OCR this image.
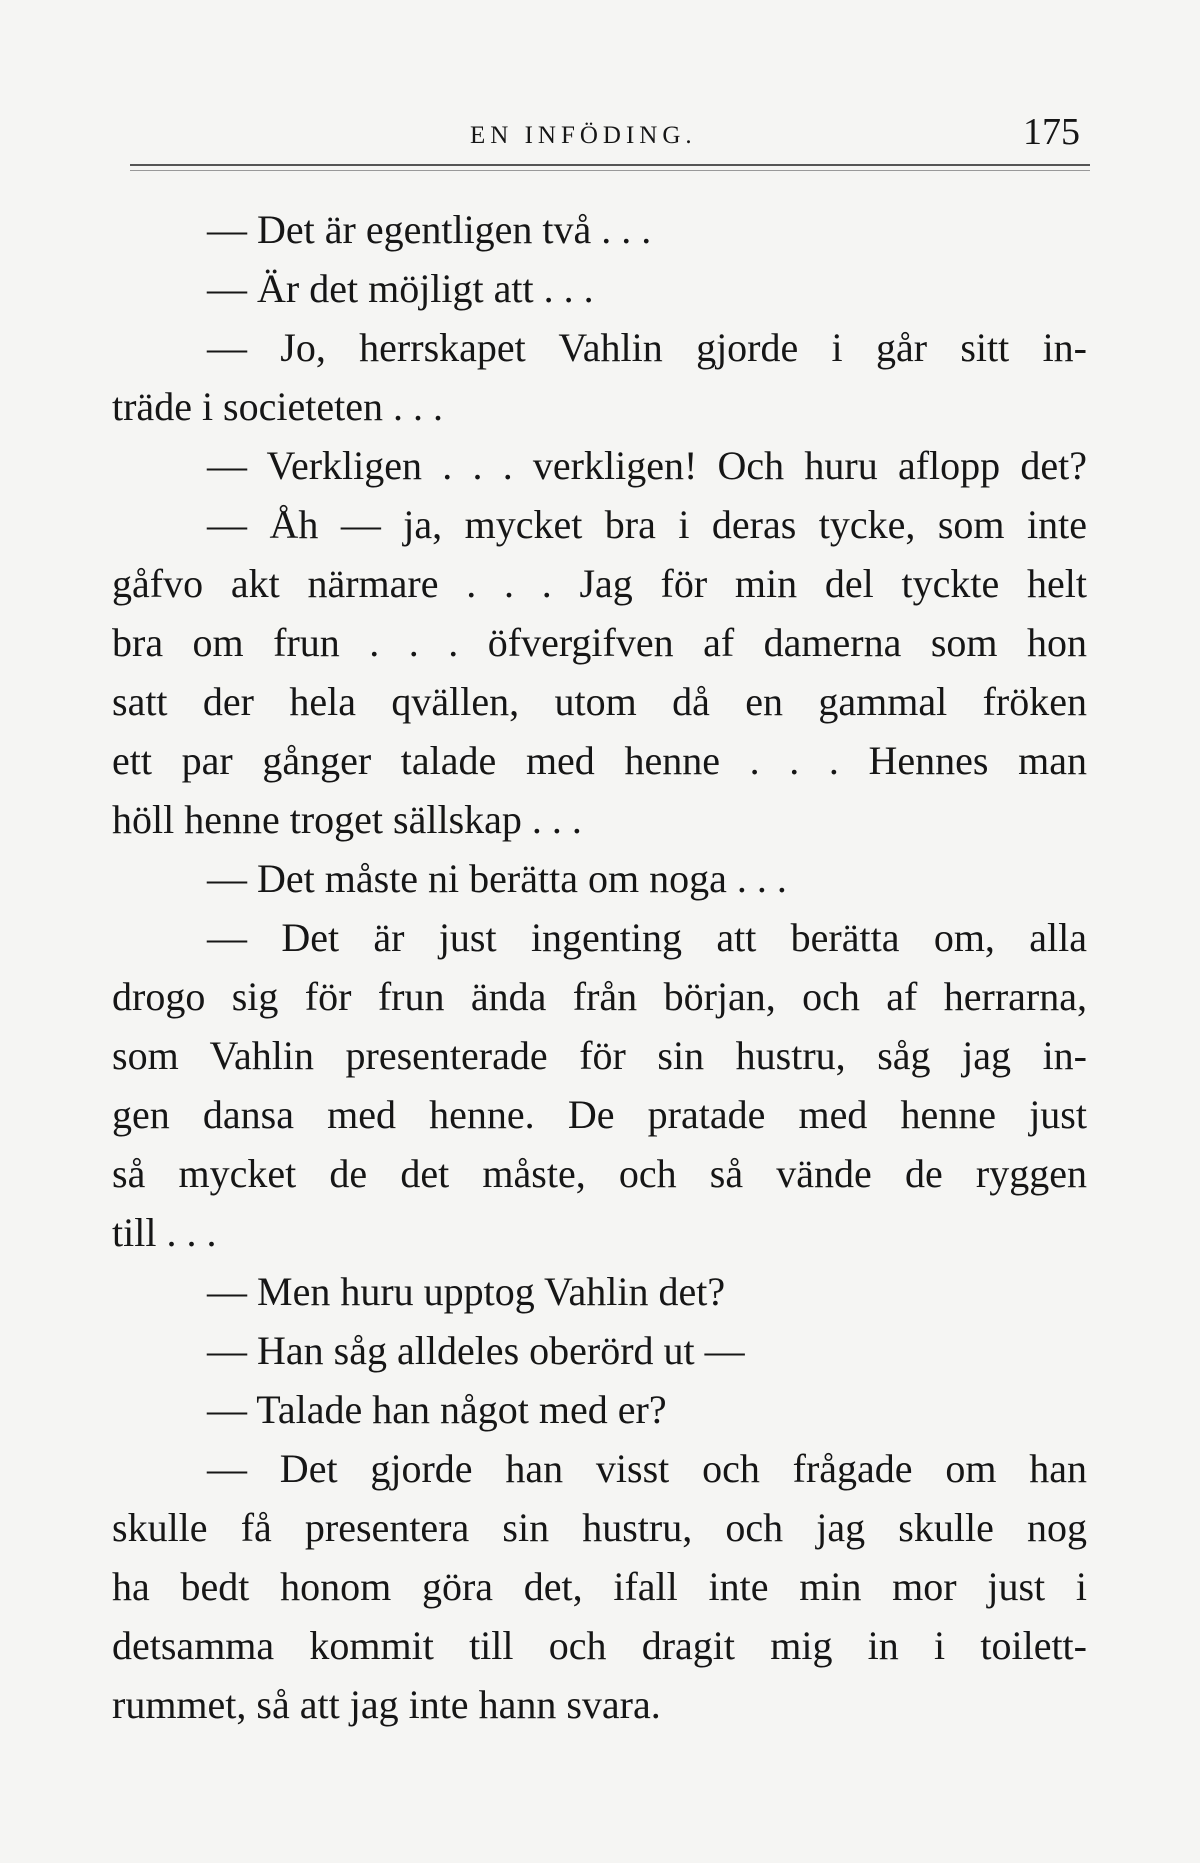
EN INFÖDING.	175
— Det är egentligen två . . .
— Är det möjligt att . . .
— Jo, herrskapet Vahlin gjorde i går sitt in-
träde i societeten . . .
— Verkligen . . . verkligen! Och huru aflopp det?
— Åh — ja, mycket bra i deras tycke, som inte
gåfvo akt närmare . . . Jag för min del tyckte helt
bra om frun . . . öfvergifven af damerna som hon
satt der hela qvällen, utom då en gammal fröken
ett par gånger talade med henne . . . Hennes man
höll henne troget sällskap . . .
— Det måste ni berätta om noga . . .
— Det är just ingenting att berätta om, alla
drogo sig för frun ända från början, och af herrarna,
som Vahlin presenterade för sin hustru, såg jag in-
gen dansa med henne. De pratade med henne just
så mycket de det måste, och så vände de ryggen
till . . .
— Men huru upptog Vahlin det?
— Han såg alldeles oberörd ut —
— Talade han något med er?
— Det gjorde han visst och frågade om han
skulle få presentera sin hustru, och jag skulle nog
ha bedt honom göra det, ifall inte min mor just i
detsamma kommit till och dragit mig in i toilett-
rummet, så att jag inte hann svara.
